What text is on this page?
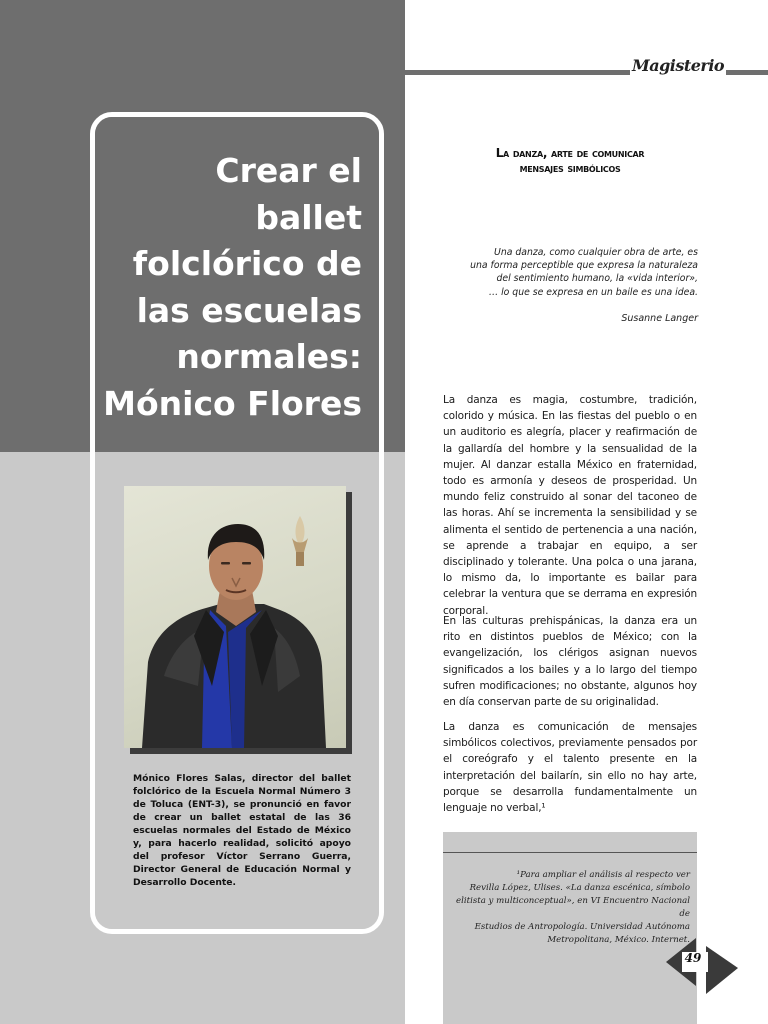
Crear el ballet folclórico de las escuelas normales: Mónico Flores

Mónico Flores Salas, director del ballet folclórico de la Escuela Normal Número 3 de Toluca (ENT-3), se pronunció en favor de crear un ballet estatal de las 36 escuelas normales del Estado de México y, para hacerlo realidad, solicitó apoyo del profesor Víctor Serrano Guerra, Director General de Educación Normal y Desarrollo Docente.

Magisterio
La danza, arte de comunicar
mensajes simbólicos

Una danza, como cualquier obra de arte, es
una forma perceptible que expresa la naturaleza
del sentimiento humano, la «vida interior»,
… lo que se expresa en un baile es una idea.

Susanne Langer

La danza es magia, costumbre, tradición, colorido y música. En las fiestas del pueblo o en un auditorio es alegría, placer y reafirmación de la gallardía del hombre y la sensualidad de la mujer. Al danzar estalla México en fraternidad, todo es armonía y deseos de prosperidad. Un mundo feliz construido al sonar del taconeo de las horas. Ahí se incrementa la sensibilidad y se alimenta el sentido de pertenencia a una nación, se aprende a trabajar en equipo, a ser disciplinado y tolerante. Una polca o una jarana, lo mismo da, lo importante es bailar para celebrar la ventura que se derrama en expresión corporal.

En las culturas prehispánicas, la danza era un rito en distintos pueblos de México; con la evangelización, los clérigos asignan nuevos significados a los bailes y a lo largo del tiempo sufren modificaciones; no obstante, algunos hoy en día conservan parte de su originalidad.

La danza es comunicación de mensajes simbólicos colectivos, previamente pensados por el coreógrafo y el talento presente en la interpretación del bailarín, sin ello no hay arte, porque se desarrolla fundamentalmente un lenguaje no verbal,¹

¹Para ampliar el análisis al respecto ver
Revilla López, Ulises. «La danza escénica, símbolo
elitista y multiconceptual», en VI Encuentro Nacional de
Estudios de Antropología. Universidad Autónoma
Metropolitana, México. Internet.

49
